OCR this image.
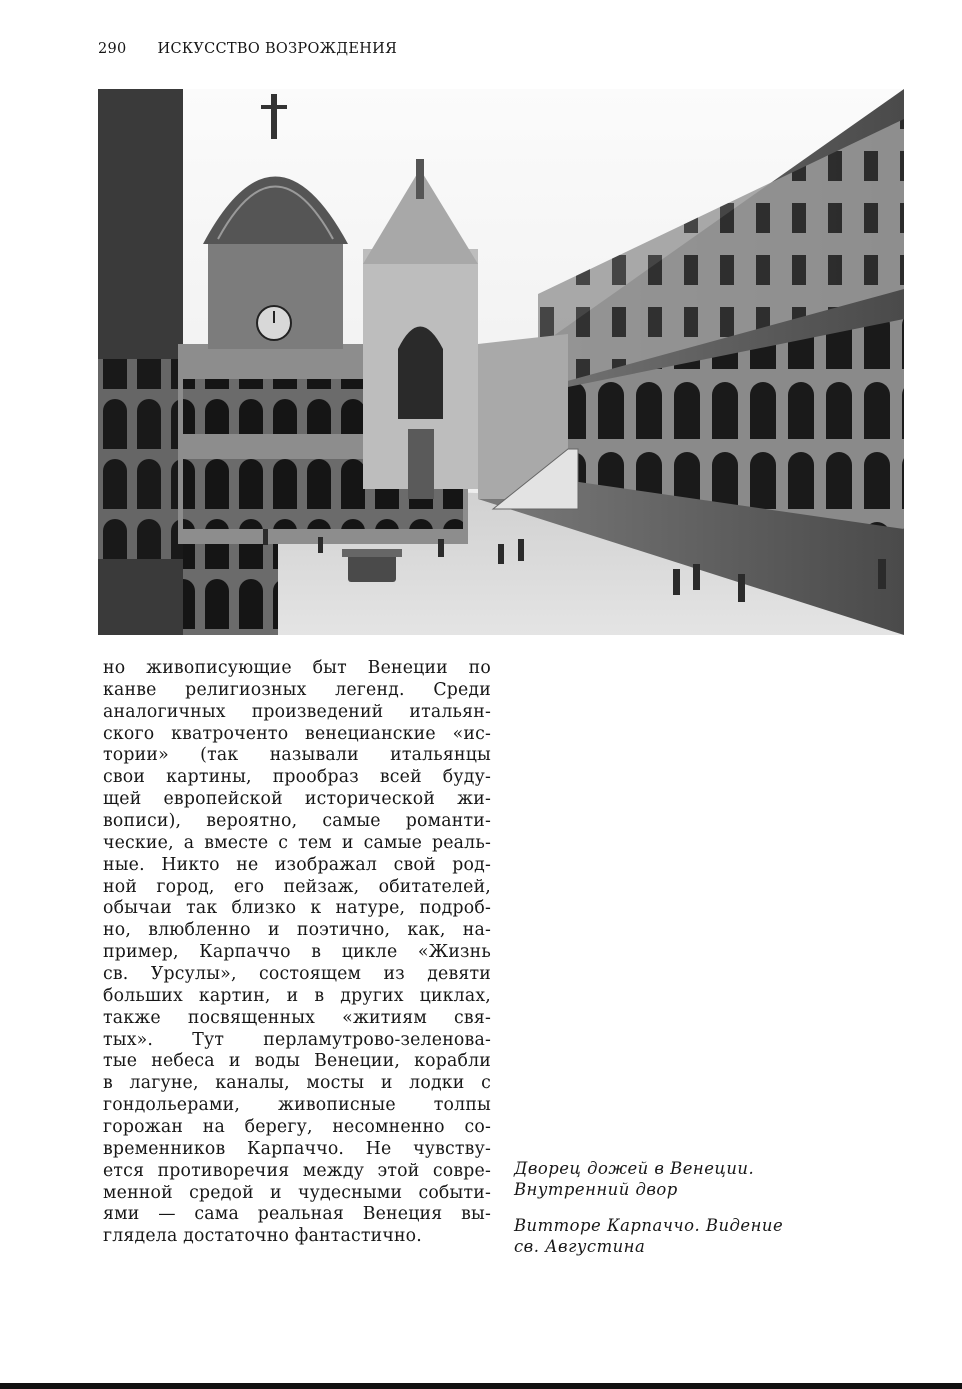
290 ИСКУССТВО ВОЗРОЖДЕНИЯ
но живописующие быт Венеции по
канве религиозных легенд. Среди
аналогичных произведений итальян-
ского кватроченто венецианские «ис-
тории» (так называли итальянцы
свои картины, прообраз всей буду-
щей европейской исторической жи-
вописи), вероятно, самые романти-
ческие, а вместе с тем и самые реаль-
ные. Никто не изображал свой род-
ной город, его пейзаж, обитателей,
обычаи так близко к натуре, подроб-
но, влюбленно и поэтично, как, на-
пример, Карпаччо в цикле «Жизнь
св. Урсулы», состоящем из девяти
больших картин, и в других циклах,
также посвященных «житиям свя-
тых». Тут перламутрово-зеленова-
тые небеса и воды Венеции, корабли
в лагуне, каналы, мосты и лодки с
гондольерами, живописные толпы
горожан на берегу, несомненно со-
временников Карпаччо. Не чувству-
ется противоречия между этой совре-
менной средой и чудесными событи-
ями — сама реальная Венеция вы-
глядела достаточно фантастично.
Дворец дожей в Венеции.
Внутренний двор
Витторе Карпаччо. Видение
св. Августина
